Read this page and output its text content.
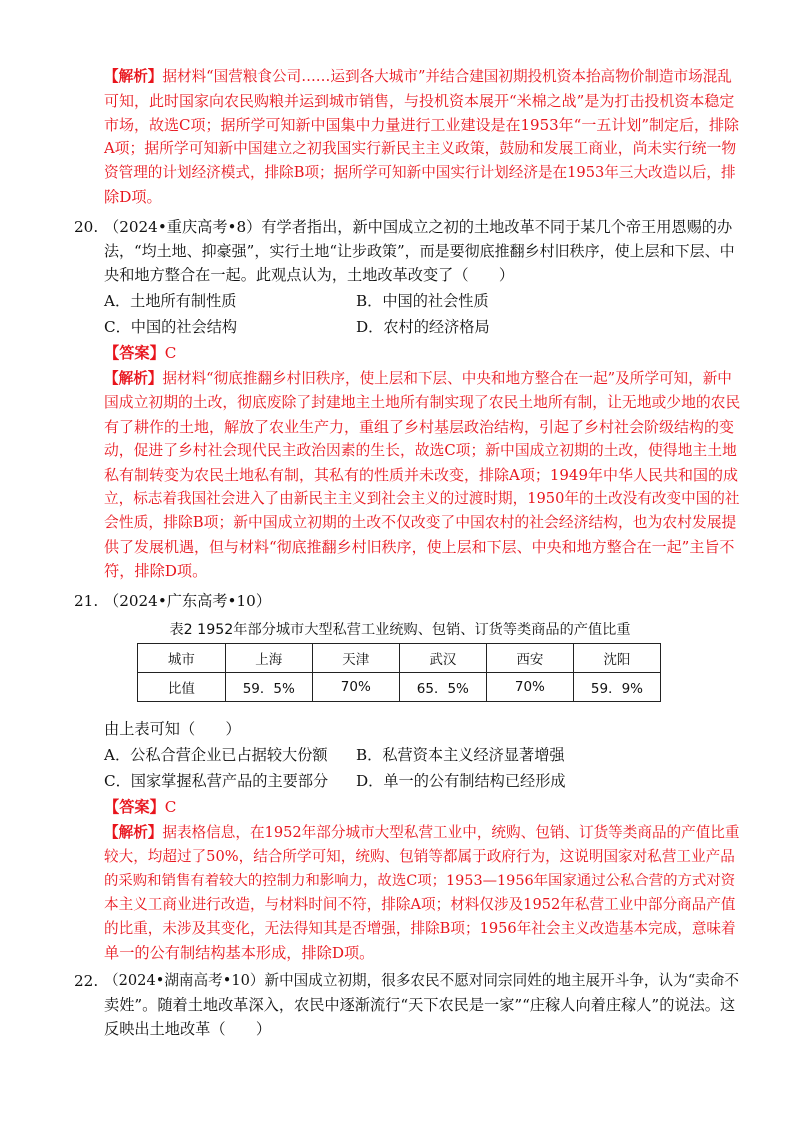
【解析】据材料“国营粮食公司……运到各大城市”并结合建国初期投机资本抬高物价制造市场混乱
可知，此时国家向农民购粮并运到城市销售，与投机资本展开“米棉之战”是为打击投机资本稳定
市场，故选C项；据所学可知新中国集中力量进行工业建设是在1953年“一五计划”制定后，排除
A项；据所学可知新中国建立之初我国实行新民主主义政策，鼓励和发展工商业，尚未实行统一物
资管理的计划经济模式，排除B项；据所学可知新中国实行计划经济是在1953年三大改造以后，排
除D项。
20. （2024•重庆高考•8）有学者指出，新中国成立之初的土地改革不同于某几个帝王用恩赐的办
法，“均土地、抑豪强”，实行土地“让步政策”，而是要彻底推翻乡村旧秩序，使上层和下层、中
央和地方整合在一起。此观点认为，土地改革改变了（　　）
A．土地所有制性质	B．中国的社会性质
C．中国的社会结构	D．农村的经济格局
【答案】C
【解析】据材料“彻底推翻乡村旧秩序，使上层和下层、中央和地方整合在一起”及所学可知，新中
国成立初期的土改，彻底废除了封建地主土地所有制实现了农民土地所有制，让无地或少地的农民
有了耕作的土地，解放了农业生产力，重组了乡村基层政治结构，引起了乡村社会阶级结构的变
动，促进了乡村社会现代民主政治因素的生长，故选C项；新中国成立初期的土改，使得地主土地
私有制转变为农民土地私有制，其私有的性质并未改变，排除A项；1949年中华人民共和国的成
立，标志着我国社会进入了由新民主主义到社会主义的过渡时期，1950年的土改没有改变中国的社
会性质，排除B项；新中国成立初期的土改不仅改变了中国农村的社会经济结构，也为农村发展提
供了发展机遇，但与材料“彻底推翻乡村旧秩序，使上层和下层、中央和地方整合在一起”主旨不
符，排除D项。
21. （2024•广东高考•10）
表2 1952年部分城市大型私营工业统购、包销、订货等类商品的产值比重
城市	上海	天津	武汉	西安	沈阳
比值	59．5%	70%	65．5%	70%	59．9%
由上表可知（　　）
A．公私合营企业已占据较大份额 B．私营资本主义经济显著增强
C．国家掌握私营产品的主要部分 D．单一的公有制结构已经形成
【答案】C
【解析】据表格信息，在1952年部分城市大型私营工业中，统购、包销、订货等类商品的产值比重
较大，均超过了50%，结合所学可知，统购、包销等都属于政府行为，这说明国家对私营工业产品
的采购和销售有着较大的控制力和影响力，故选C项；1953—1956年国家通过公私合营的方式对资
本主义工商业进行改造，与材料时间不符，排除A项；材料仅涉及1952年私营工业中部分商品产值
的比重，未涉及其变化，无法得知其是否增强，排除B项；1956年社会主义改造基本完成，意味着
单一的公有制结构基本形成，排除D项。
22. （2024•湖南高考•10）新中国成立初期，很多农民不愿对同宗同姓的地主展开斗争，认为“卖命不
卖姓”。随着土地改革深入，农民中逐渐流行“天下农民是一家”“庄稼人向着庄稼人”的说法。这
反映出土地改革（　　）
